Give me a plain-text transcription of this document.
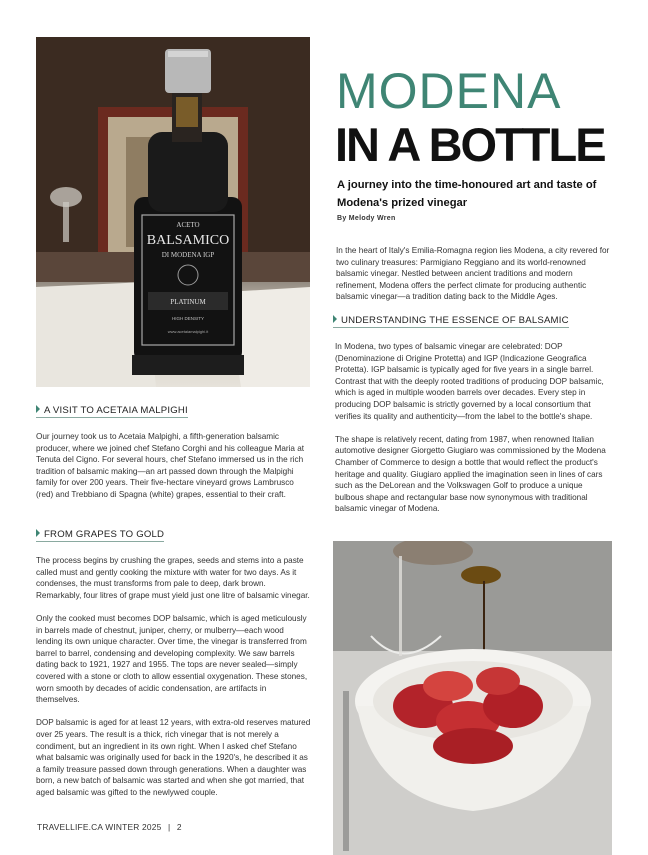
ACETO
BALSAMICO
DI MODENA IGP
PLATINUM
HIGH DENSITY
www.acetaiamalpighi.it
MODENA
IN A BOTTLE
A journey into the time-honoured art and taste of Modena's prized vinegar
By Melody Wren
In the heart of Italy's Emilia-Romagna region lies Modena, a city revered for two culinary treasures: Parmigiano Reggiano and its world-renowned balsamic vinegar. Nestled between ancient traditions and modern refinement, Modena offers the perfect climate for producing authentic balsamic vinegar—a tradition dating back to the Middle Ages.
UNDERSTANDING THE ESSENCE OF BALSAMIC

In Modena, two types of balsamic vinegar are celebrated: DOP (Denominazione di Origine Protetta) and IGP (Indicazione Geografica Protetta). IGP balsamic is typically aged for five years in a single barrel. Contrast that with the deeply rooted traditions of producing DOP balsamic, which is aged in multiple wooden barrels over decades. Every step in producing DOP balsamic is strictly governed by a local consortium that verifies its quality and authenticity—from the label to the bottle's shape.

The shape is relatively recent, dating from 1987, when renowned Italian automotive designer Giorgetto Giugiaro was commissioned by the Modena Chamber of Commerce to design a bottle that would reflect the product's heritage and quality. Giugiaro applied the imagination seen in lines of cars such as the DeLorean and the Volkswagen Golf to produce a unique bulbous shape and rectangular base now synonymous with traditional balsamic vinegar of Modena.

A VISIT TO ACETAIA MALPIGHI

Our journey took us to Acetaia Malpighi, a fifth-generation balsamic producer, where we joined chef Stefano Corghi and his colleague Maria at Tenuta del Cigno. For several hours, chef Stefano immersed us in the rich tradition of balsamic making—an art passed down through the Malpighi family for over 200 years. Their five-hectare vineyard grows Lambrusco (red) and Trebbiano di Spagna (white) grapes, essential to their craft.

FROM GRAPES TO GOLD

The process begins by crushing the grapes, seeds and stems into a paste called must and gently cooking the mixture with water for two days. As it condenses, the must transforms from pale to deep, dark brown. Remarkably, four litres of grape must yield just one litre of balsamic vinegar.

Only the cooked must becomes DOP balsamic, which is aged meticulously in barrels made of chestnut, juniper, cherry, or mulberry—each wood lending its own unique character. Over time, the vinegar is transferred from barrel to barrel, condensing and developing complexity. We saw barrels dating back to 1921, 1927 and 1955. The tops are never sealed—simply covered with a stone or cloth to allow essential oxygenation. These stones, worn smooth by decades of acidic condensation, are artifacts in themselves.

DOP balsamic is aged for at least 12 years, with extra-old reserves matured over 25 years. The result is a thick, rich vinegar that is not merely a condiment, but an ingredient in its own right. When I asked chef Stefano what balsamic was originally used for back in the 1920's, he described it as a family treasure passed down through generations. When a daughter was born, a new batch of balsamic was started and when she got married, that aged balsamic was gifted to the newlywed couple.

TRAVELLIFE.CA WINTER 2025 | 2
